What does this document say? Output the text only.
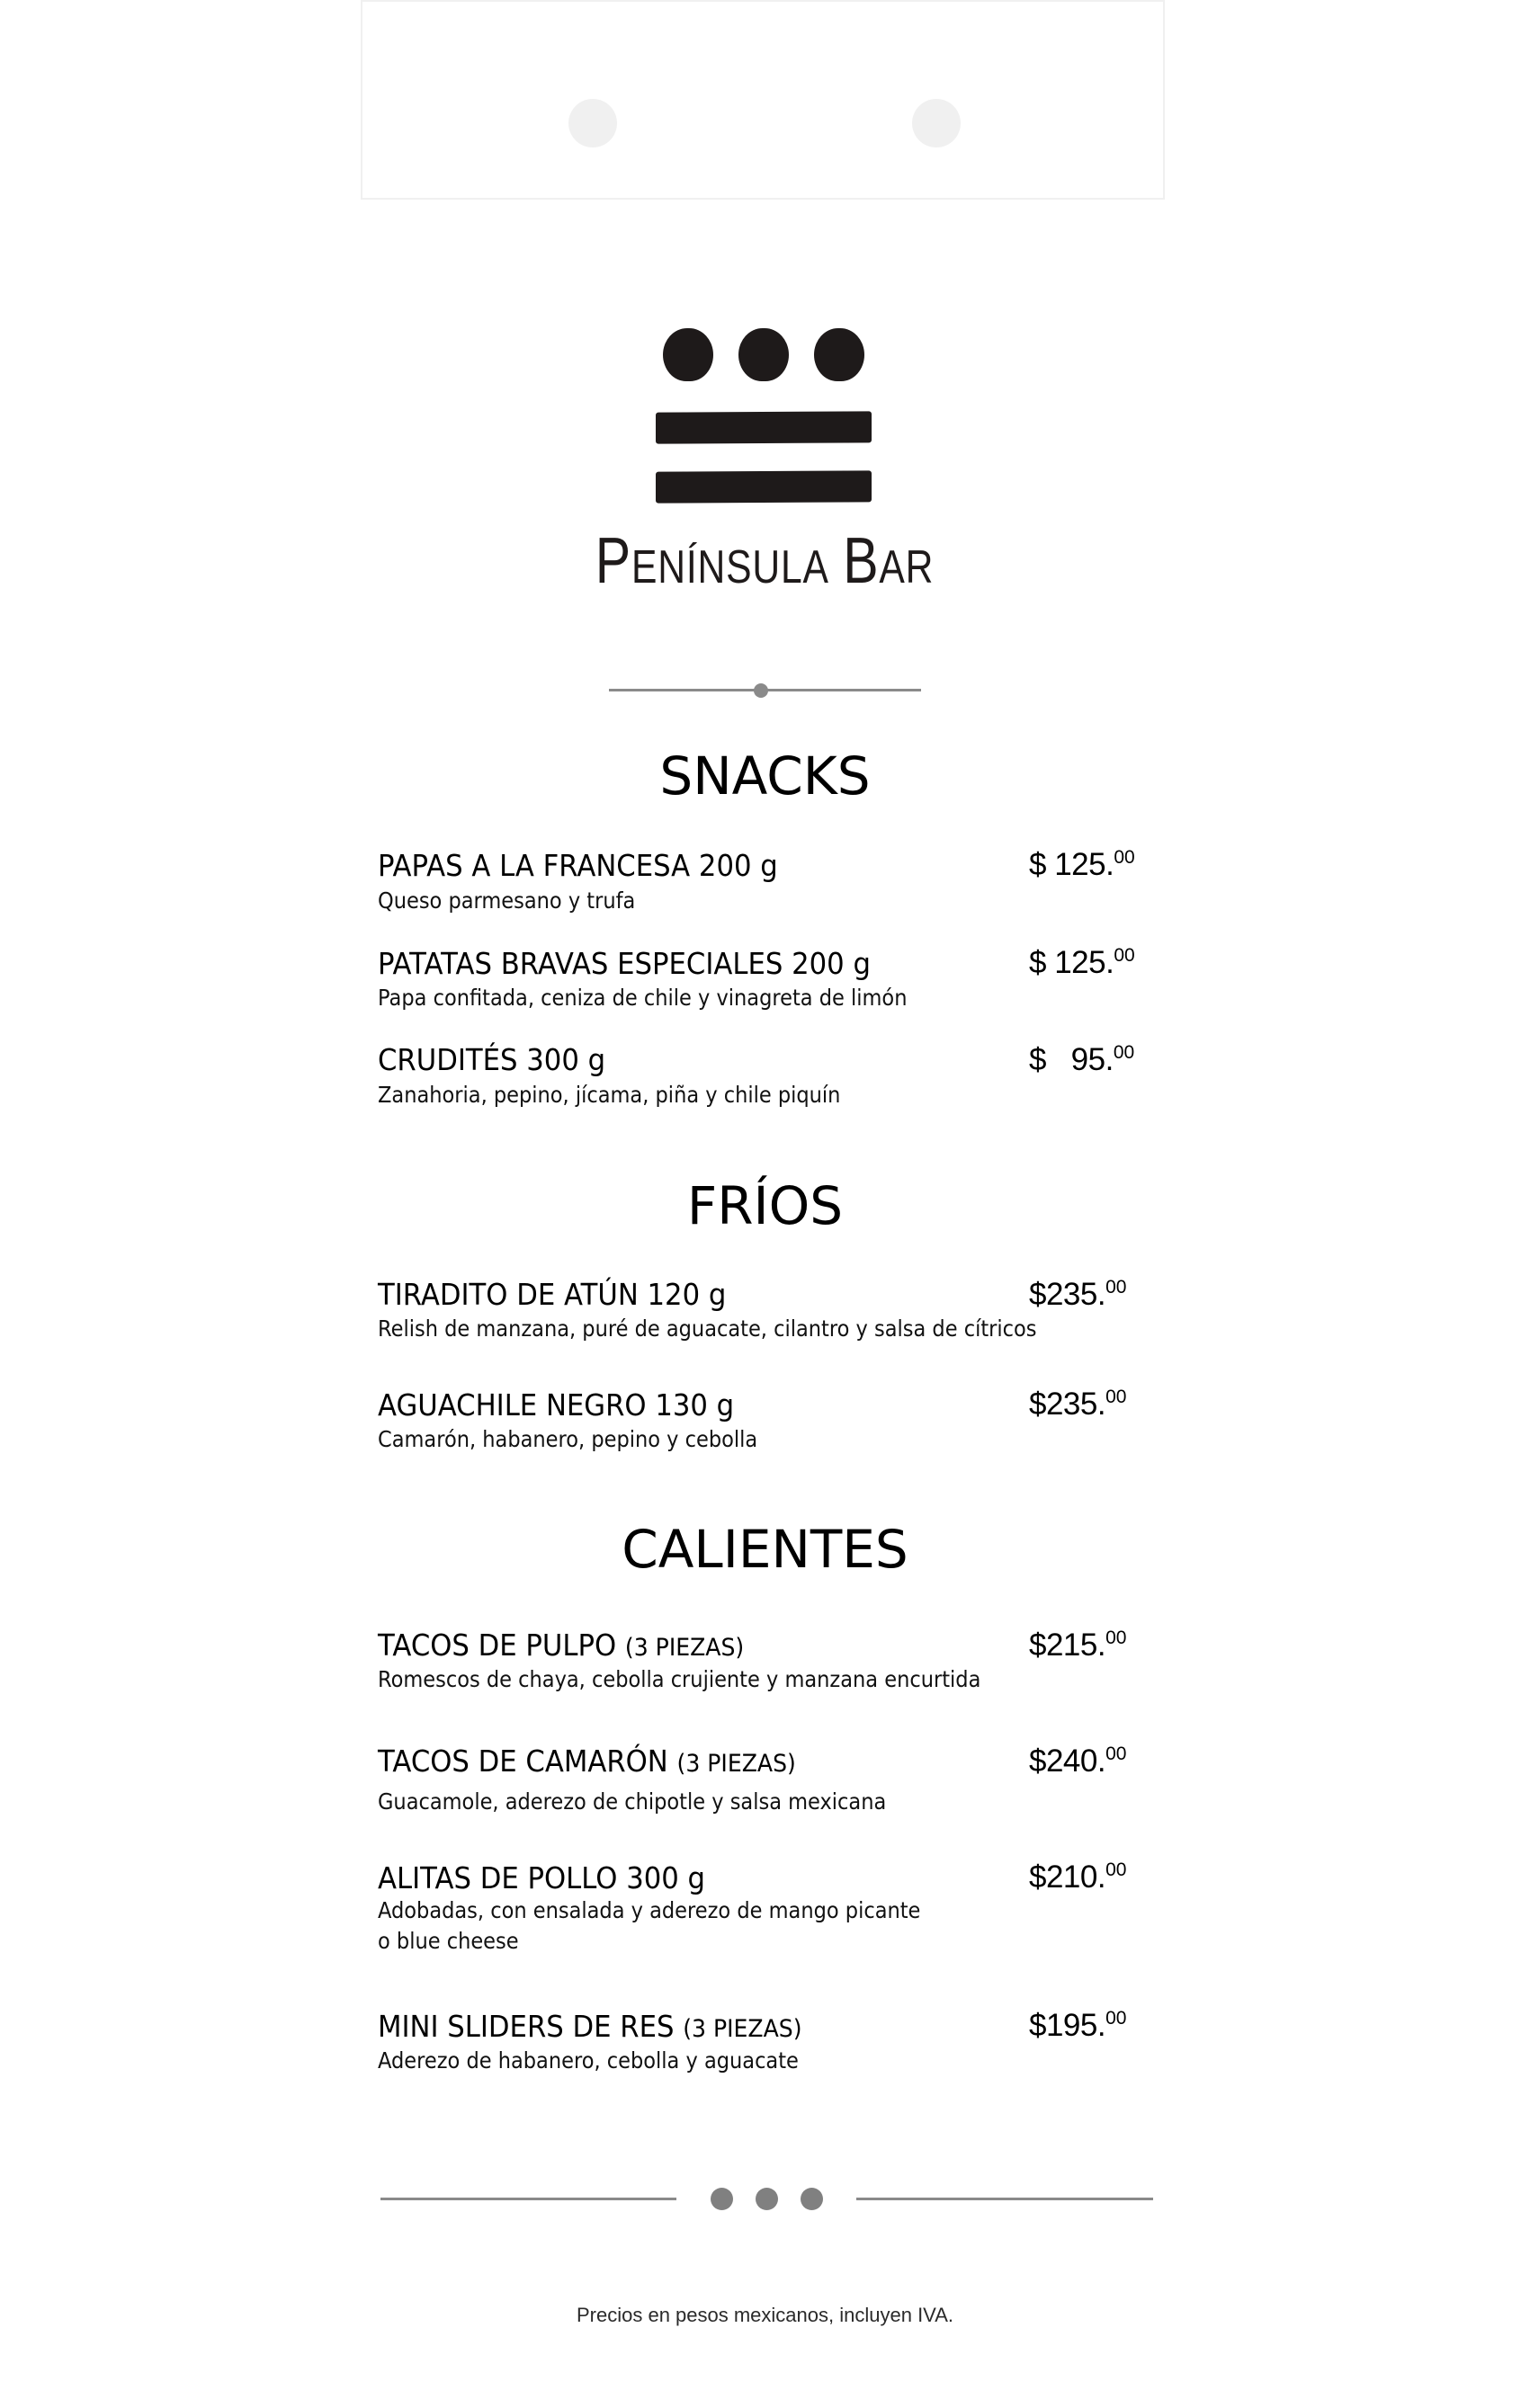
PENÍNSULA BAR
SNACKS
PAPAS A LA FRANCESA 200 g
Queso parmesano y trufa
$ 125.00
PATATAS BRAVAS ESPECIALES 200 g
Papa confitada, ceniza de chile y vinagreta de limón
$ 125.00
CRUDITÉS 300 g
Zanahoria, pepino, jícama, piña y chile piquín
$ 95.00
FRÍOS
TIRADITO DE ATÚN 120 g
Relish de manzana, puré de aguacate, cilantro y salsa de cítricos
$235.00
AGUACHILE NEGRO 130 g
Camarón, habanero, pepino y cebolla
$235.00
CALIENTES
TACOS DE PULPO (3 PIEZAS)
Romescos de chaya, cebolla crujiente y manzana encurtida
$215.00
TACOS DE CAMARÓN (3 PIEZAS)
Guacamole, aderezo de chipotle y salsa mexicana
$240.00
ALITAS DE POLLO 300 g
Adobadas, con ensalada y aderezo de mango picante
o blue cheese
$210.00
MINI SLIDERS DE RES (3 PIEZAS)
Aderezo de habanero, cebolla y aguacate
$195.00
Precios en pesos mexicanos, incluyen IVA.
